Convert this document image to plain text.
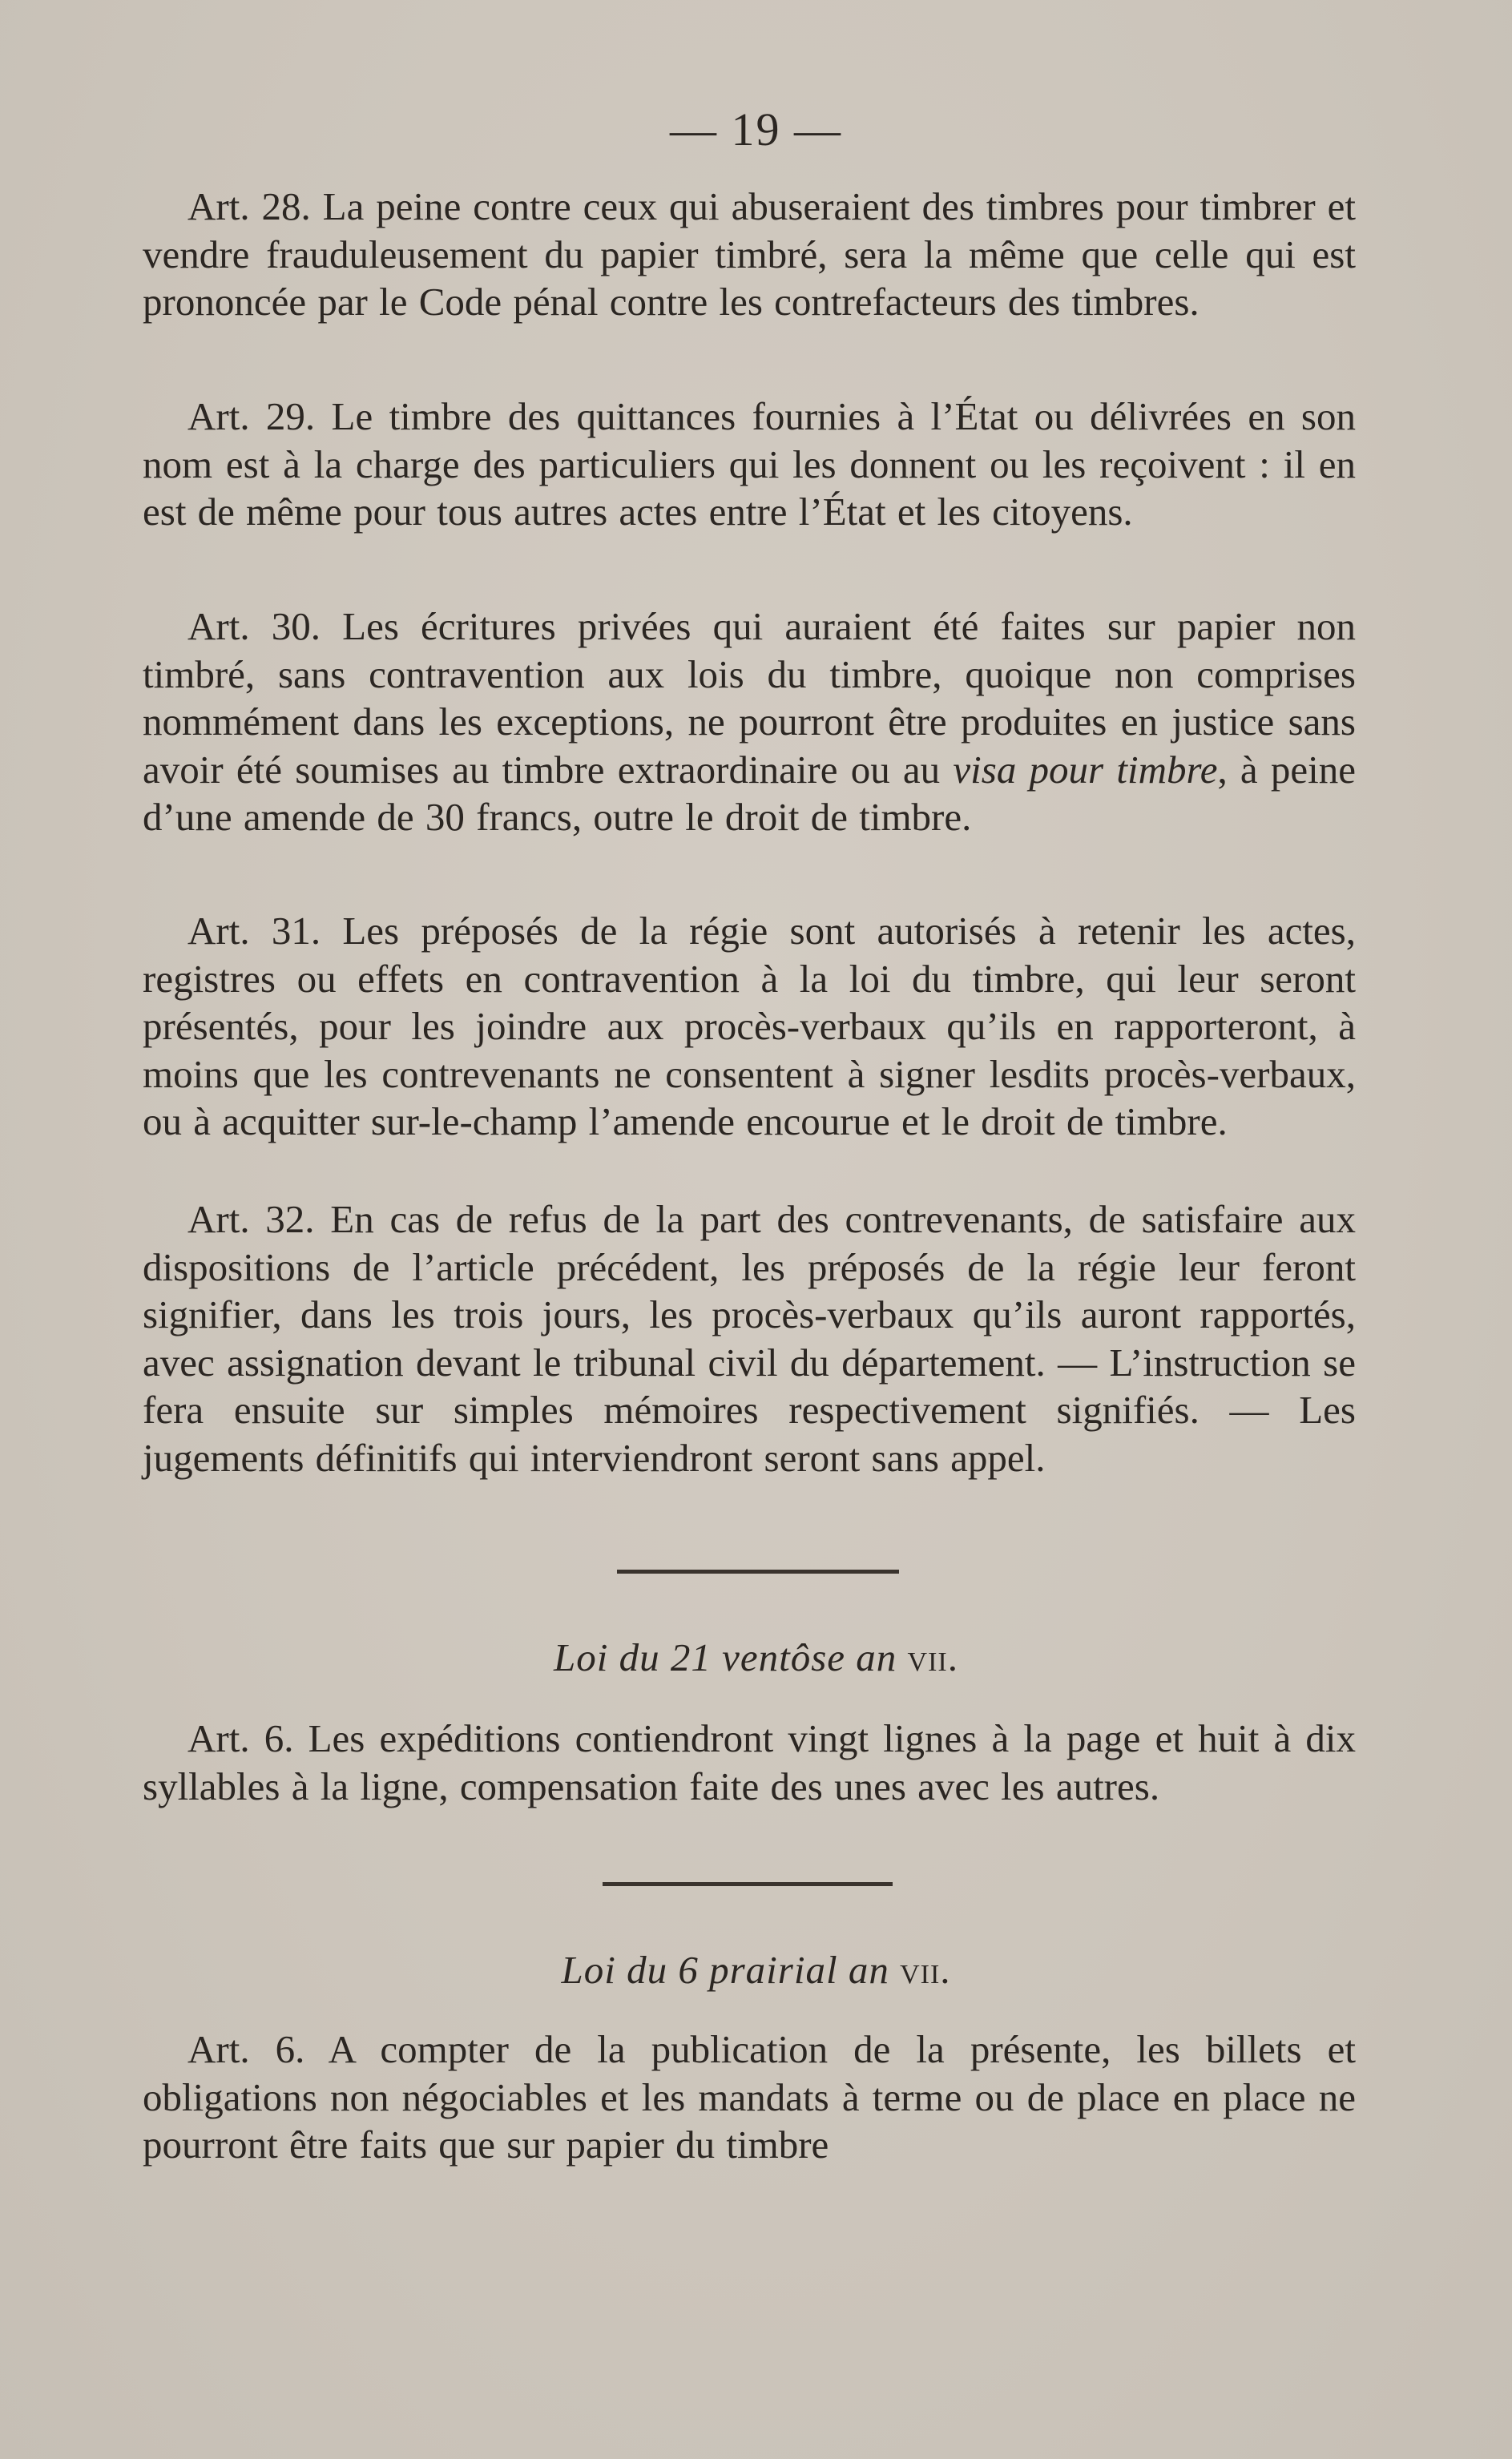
— 19 —
Art. 28. La peine contre ceux qui abuseraient des timbres pour timbrer et vendre frauduleusement du papier timbré, sera la même que celle qui est prononcée par le Code pénal contre les contrefacteurs des timbres.
Art. 29. Le timbre des quittances fournies à l’État ou délivrées en son nom est à la charge des particuliers qui les donnent ou les reçoivent : il en est de même pour tous autres actes entre l’État et les citoyens.
Art. 30. Les écritures privées qui auraient été faites sur papier non timbré, sans contravention aux lois du timbre, quoique non comprises nommément dans les exceptions, ne pourront être produites en justice sans avoir été soumises au timbre extraordinaire ou au visa pour timbre, à peine d’une amende de 30 francs, outre le droit de timbre.
Art. 31. Les préposés de la régie sont autorisés à retenir les actes, registres ou effets en contravention à la loi du timbre, qui leur seront présentés, pour les joindre aux procès-verbaux qu’ils en rapporteront, à moins que les contrevenants ne consentent à signer lesdits procès-verbaux, ou à acquitter sur-le-champ l’amende encourue et le droit de timbre.
Art. 32. En cas de refus de la part des contrevenants, de satisfaire aux dispositions de l’article précédent, les préposés de la régie leur feront signifier, dans les trois jours, les procès-verbaux qu’ils auront rapportés, avec assignation devant le tribunal civil du département. — L’instruction se fera ensuite sur simples mémoires respectivement signifiés. — Les jugements définitifs qui interviendront seront sans appel.
Loi du 21 ventôse an vii.
Art. 6. Les expéditions contiendront vingt lignes à la page et huit à dix syllables à la ligne, compensation faite des unes avec les autres.
Loi du 6 prairial an vii.
Art. 6. A compter de la publication de la présente, les billets et obligations non négociables et les mandats à terme ou de place en place ne pourront être faits que sur papier du timbre
